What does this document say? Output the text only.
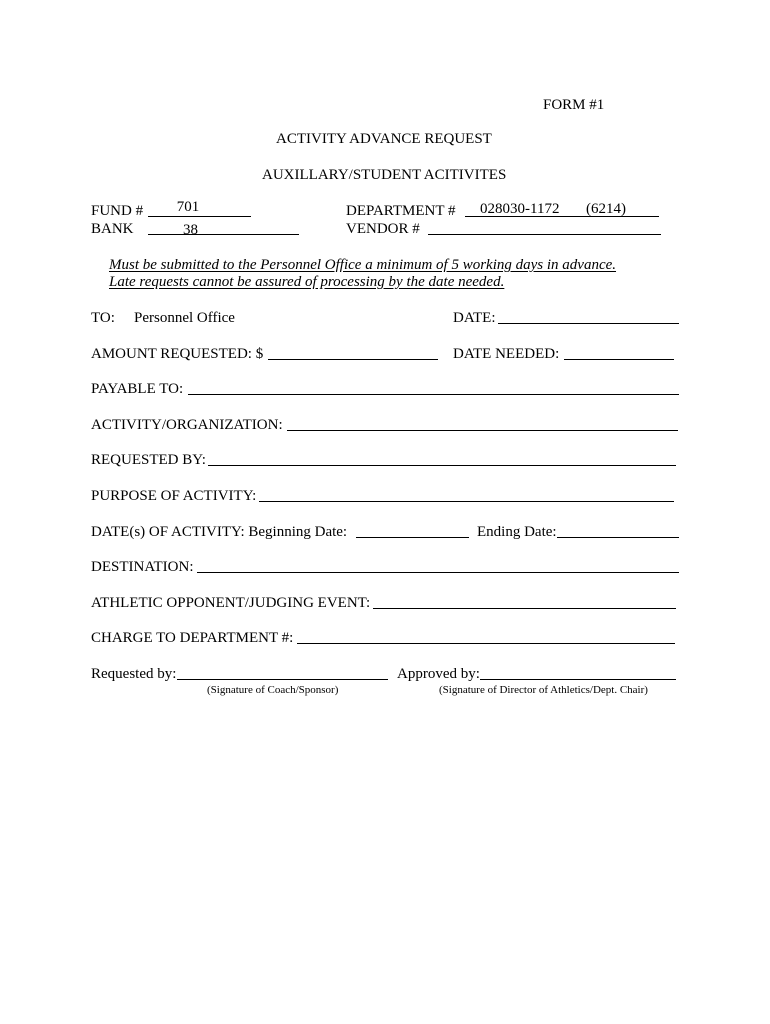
FORM #1
ACTIVITY ADVANCE REQUEST
AUXILLARY/STUDENT ACITIVITES
FUND #	701
BANK	38
DEPARTMENT # 028030-1172 (6214)
VENDOR #
Must be submitted to the Personnel Office a minimum of 5 working days in advance.
Late requests cannot be assured of processing by the date needed.
TO: Personnel Office	DATE:
AMOUNT REQUESTED: $	DATE NEEDED:
PAYABLE TO:
ACTIVITY/ORGANIZATION:
REQUESTED BY:
PURPOSE OF ACTIVITY:
DATE(s) OF ACTIVITY: Beginning Date:	Ending Date:
DESTINATION:
ATHLETIC OPPONENT/JUDGING EVENT:
CHARGE TO DEPARTMENT #:
Requested by:
(Signature of Coach/Sponsor)
Approved by:
(Signature of Director of Athletics/Dept. Chair)
